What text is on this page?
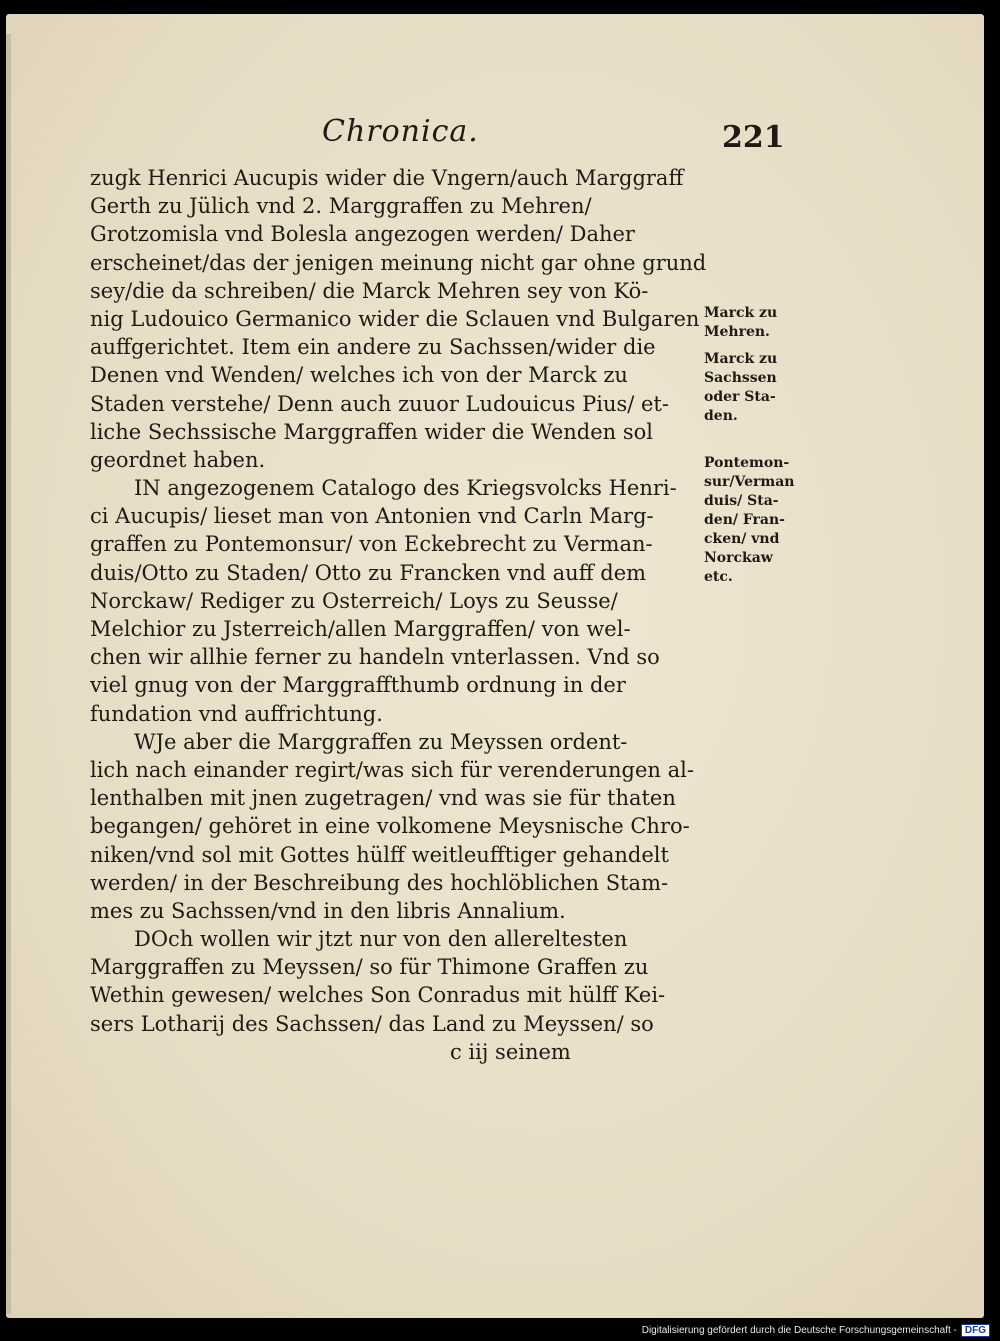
Chronica.	221
zugk Henrici Aucupis wider die Vngern/auch Marggraff
Gerth zu Jülich vnd 2. Marggraffen zu Mehren/
Grotzomisla vnd Bolesla angezogen werden/ Daher
erscheinet/das der jenigen meinung nicht gar ohne grund
sey/die da schreiben/ die Marck Mehren sey von Kö-
nig Ludouico Germanico wider die Sclauen vnd Bulgaren
auffgerichtet. Item ein andere zu Sachssen/wider die
Denen vnd Wenden/ welches ich von der Marck zu
Staden verstehe/ Denn auch zuuor Ludouicus Pius/ et-
liche Sechssische Marggraffen wider die Wenden sol
geordnet haben.
IN angezogenem Catalogo des Kriegsvolcks Henri-
ci Aucupis/ lieset man von Antonien vnd Carln Marg-
graffen zu Pontemonsur/ von Eckebrecht zu Verman-
duis/Otto zu Staden/ Otto zu Francken vnd auff dem
Norckaw/ Rediger zu Osterreich/ Loys zu Seusse/
Melchior zu Jsterreich/allen Marggraffen/ von wel-
chen wir allhie ferner zu handeln vnterlassen. Vnd so
viel gnug von der Marggraffthumb ordnung in der
fundation vnd auffrichtung.
WJe aber die Marggraffen zu Meyssen ordent-
lich nach einander regirt/was sich für verenderungen al-
lenthalben mit jnen zugetragen/ vnd was sie für thaten
begangen/ gehöret in eine volkomene Meysnische Chro-
niken/vnd sol mit Gottes hülff weitleufftiger gehandelt
werden/ in der Beschreibung des hochlöblichen Stam-
mes zu Sachssen/vnd in den libris Annalium.
DOch wollen wir jtzt nur von den allereltesten
Marggraffen zu Meyssen/ so für Thimone Graffen zu
Wethin gewesen/ welches Son Conradus mit hülff Kei-
sers Lotharij des Sachssen/ das Land zu Meyssen/ so
c iij seinem
Marck zu
Mehren.
Marck zu
Sachssen
oder Sta-
den.
Pontemon-
sur/Verman
duis/ Sta-
den/ Fran-
cken/ vnd
Norckaw
etc.
Digitalisierung gefördert durch die Deutsche Forschungsgemeinschaft - DFG
